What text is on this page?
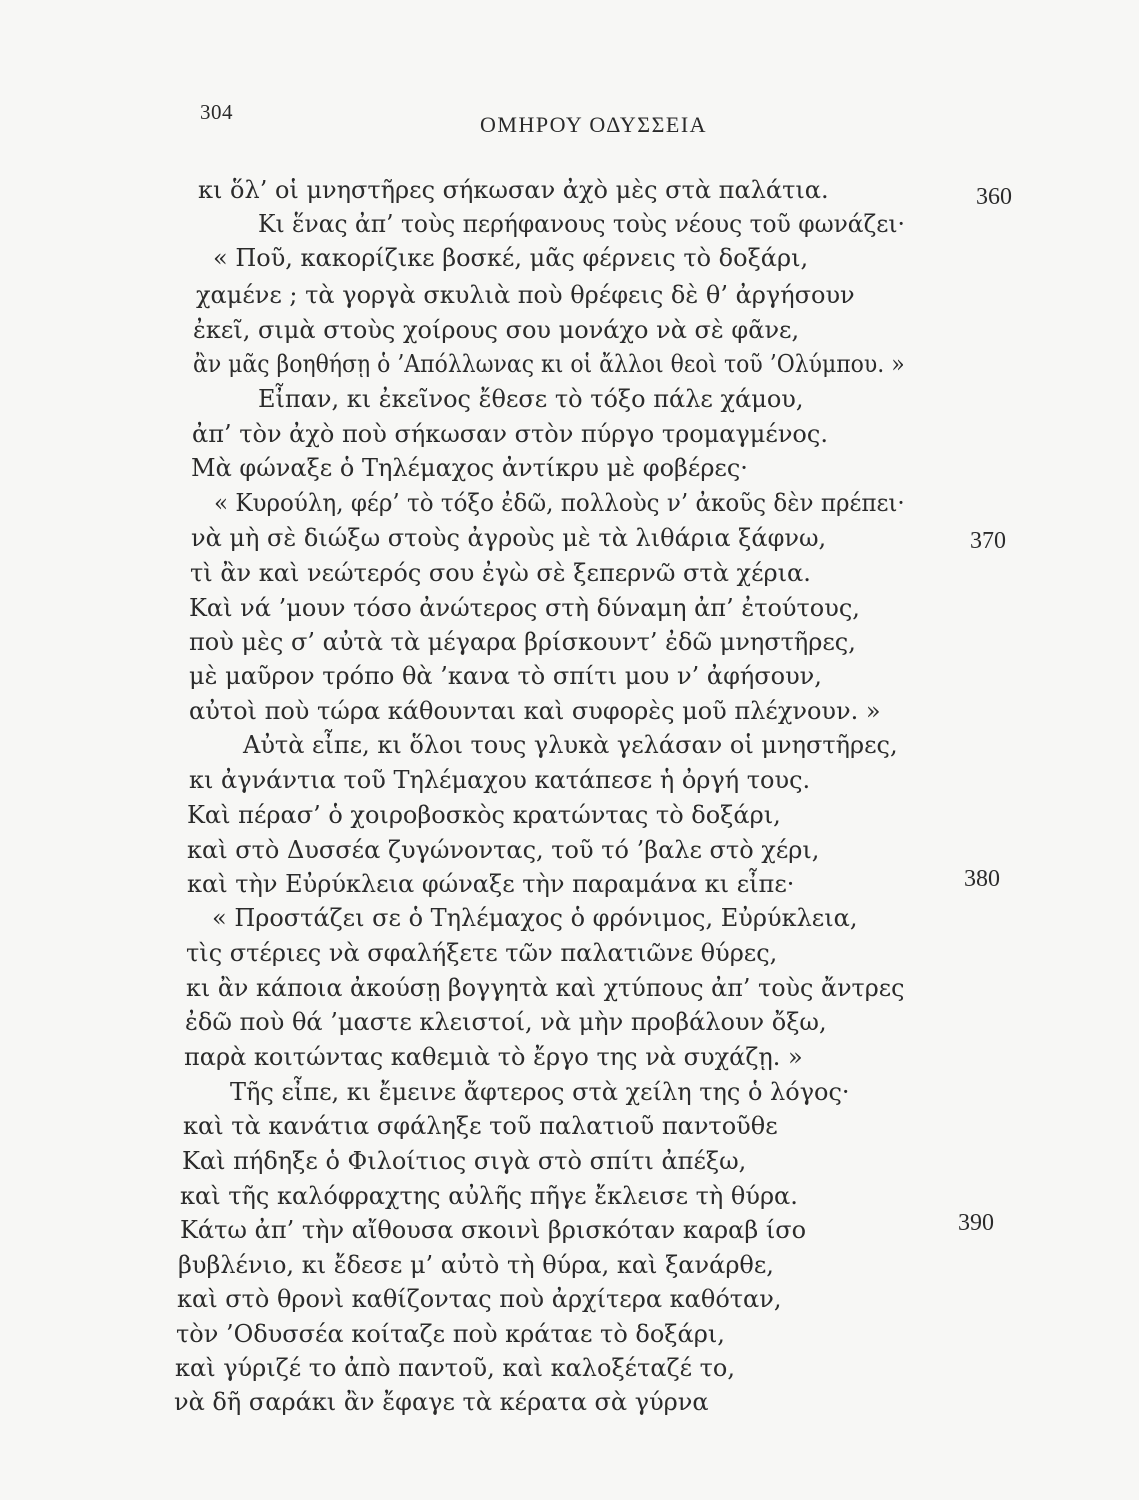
304	ΟΜΗΡΟΥ ΟΔΥΣΣΕΙΑ
κι ὅλ’ οἱ μνηστῆρες σήκωσαν ἀχὸ μὲς στὰ παλάτια.
Κι ἕνας ἀπ’ τοὺς περήφανους τοὺς νέους τοῦ φωνάζει·
« Ποῦ, κακορίζικε βοσκέ, μᾶς φέρνεις τὸ δοξάρι,
χαμένε ; τὰ γοργὰ σκυλιὰ ποὺ θρέφεις δὲ θ’ ἀργήσουν
ἐκεῖ, σιμὰ στοὺς χοίρους σου μονάχο νὰ σὲ φᾶνε,
ἂν μᾶς βοηθήσῃ ὁ ’Απόλλωνας κι οἱ ἄλλοι θεοὶ τοῦ ’Ολύμπου. »
Εἶπαν, κι ἐκεῖνος ἔθεσε τὸ τόξο πάλε χάμου,
ἀπ’ τὸν ἀχὸ ποὺ σήκωσαν στὸν πύργο τρομαγμένος.
Μὰ φώναξε ὁ Τηλέμαχος ἀντίκρυ μὲ φοβέρες·
« Κυρούλη, φέρ’ τὸ τόξο ἐδῶ, πολλοὺς ν’ ἀκοῦς δὲν πρέπει·
νὰ μὴ σὲ διώξω στοὺς ἀγροὺς μὲ τὰ λιθάρια ξάφνω,
τὶ ἂν καὶ νεώτερός σου ἐγὼ σὲ ξεπερνῶ στὰ χέρια.
Καὶ νά ’μουν τόσο ἀνώτερος στὴ δύναμη ἀπ’ ἐτούτους,
ποὺ μὲς σ’ αὐτὰ τὰ μέγαρα βρίσκουντ’ ἐδῶ μνηστῆρες,
μὲ μαῦρον τρόπο θὰ ’κανα τὸ σπίτι μου ν’ ἀφήσουν,
αὐτοὶ ποὺ τώρα κάθουνται καὶ συφορὲς μοῦ πλέχνουν. »
Αὐτὰ εἶπε, κι ὅλοι τους γλυκὰ γελάσαν οἱ μνηστῆρες,
κι ἀγνάντια τοῦ Τηλέμαχου κατάπεσε ἡ ὀργή τους.
Καὶ πέρασ’ ὁ χοιροβοσκὸς κρατώντας τὸ δοξάρι,
καὶ στὸ Δυσσέα ζυγώνοντας, τοῦ τό ’βαλε στὸ χέρι,
καὶ τὴν Εὐρύκλεια φώναξε τὴν παραμάνα κι εἶπε·
« Προστάζει σε ὁ Τηλέμαχος ὁ φρόνιμος, Εὐρύκλεια,
τὶς στέριες νὰ σφαλήξετε τῶν παλατιῶνε θύρες,
κι ἂν κάποια ἀκούσῃ βογγητὰ καὶ χτύπους ἀπ’ τοὺς ἄντρες
ἐδῶ ποὺ θά ’μαστε κλειστοί, νὰ μὴν προβάλουν ὄξω,
παρὰ κοιτώντας καθεμιὰ τὸ ἔργο της νὰ συχάζῃ. »
Τῆς εἶπε, κι ἔμεινε ἄφτερος στὰ χείλη της ὁ λόγος·
καὶ τὰ κανάτια σφάληξε τοῦ παλατιοῦ παντοῦθε
Καὶ πήδηξε ὁ Φιλοίτιος σιγὰ στὸ σπίτι ἀπέξω,
καὶ τῆς καλόφραχτης αὐλῆς πῆγε ἔκλεισε τὴ θύρα.
Κάτω ἀπ’ τὴν αἴθουσα σκοινὶ βρισκόταν καραβ ίσο
βυβλένιο, κι ἔδεσε μ’ αὐτὸ τὴ θύρα, καὶ ξανάρθε,
καὶ στὸ θρονὶ καθίζοντας ποὺ ἀρχίτερα καθόταν,
τὸν ’Οδυσσέα κοίταζε ποὺ κράταε τὸ δοξάρι,
καὶ γύριζέ το ἀπὸ παντοῦ, καὶ καλοξέταζέ το,
νὰ δῆ σαράκι ἂν ἔφαγε τὰ κέρατα σὰ γύρνα
360
370
380
390
